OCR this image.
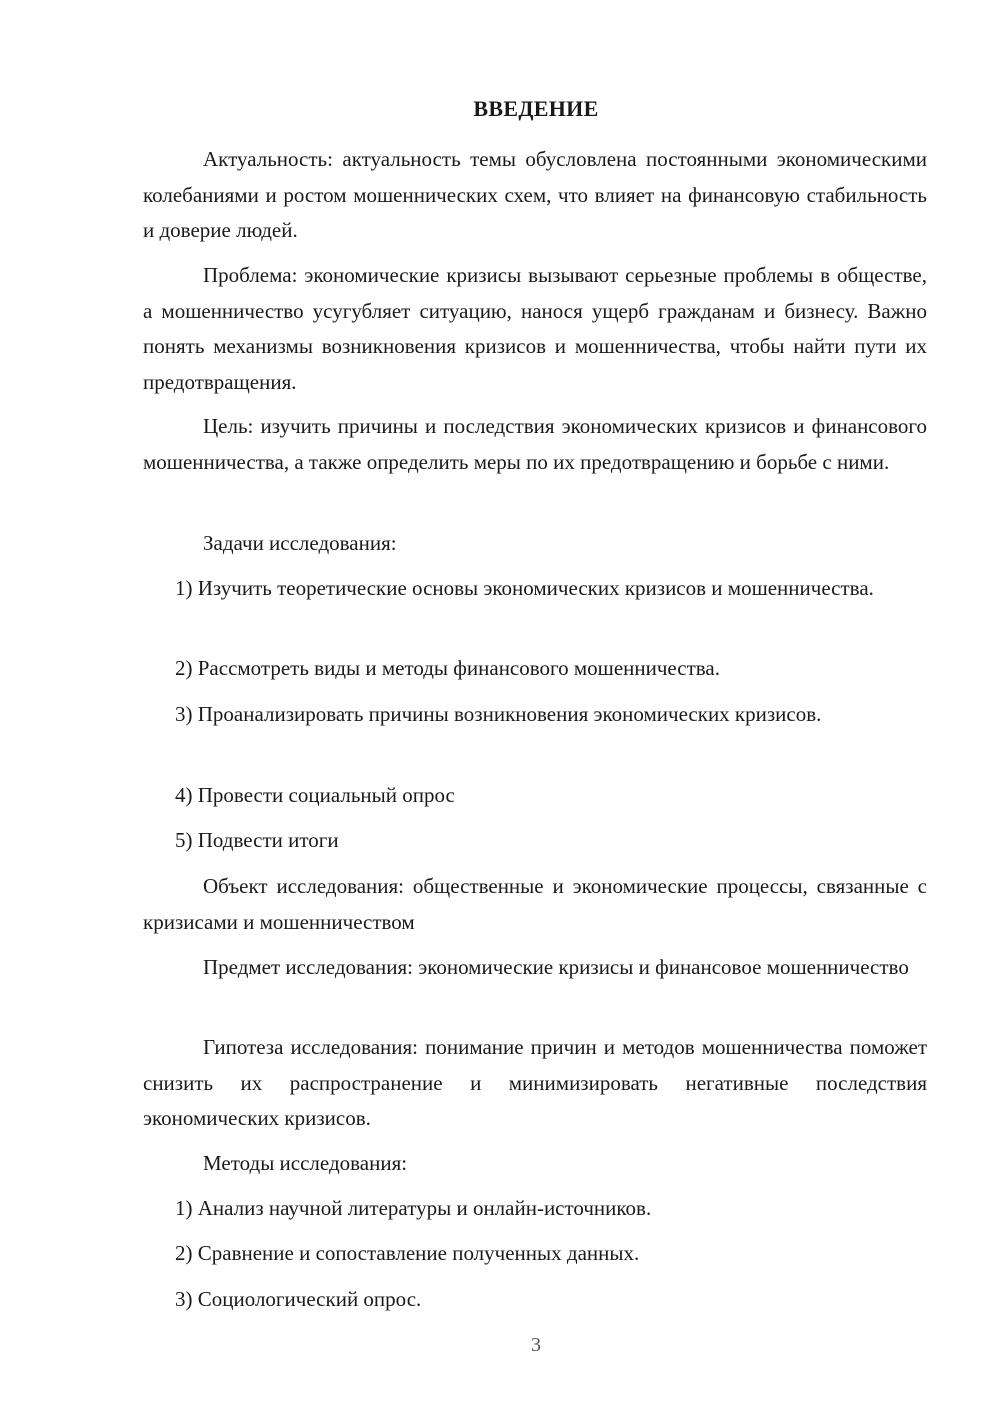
ВВЕДЕНИЕ

Актуальность: актуальность темы обусловлена постоянными экономическими колебаниями и ростом мошеннических схем, что влияет на финансовую стабильность и доверие людей.

Проблема: экономические кризисы вызывают серьезные проблемы в обществе, а мошенничество усугубляет ситуацию, нанося ущерб гражданам и бизнесу. Важно понять механизмы возникновения кризисов и мошенничества, чтобы найти пути их предотвращения.

Цель: изучить причины и последствия экономических кризисов и финансового мошенничества, а также определить меры по их предотвращению и борьбе с ними.

Задачи исследования:

1) Изучить теоретические основы экономических кризисов и мошенничества.

2) Рассмотреть виды и методы финансового мошенничества.

3) Проанализировать причины возникновения экономических кризисов.

4) Провести социальный опрос

5) Подвести итоги

Объект исследования: общественные и экономические процессы, связанные с кризисами и мошенничеством

Предмет исследования: экономические кризисы и финансовое мошенничество

Гипотеза исследования: понимание причин и методов мошенничества поможет снизить их распространение и минимизировать негативные последствия экономических кризисов.

Методы исследования:

1) Анализ научной литературы и онлайн-источников.

2) Сравнение и сопоставление полученных данных.

3) Социологический опрос.

3
